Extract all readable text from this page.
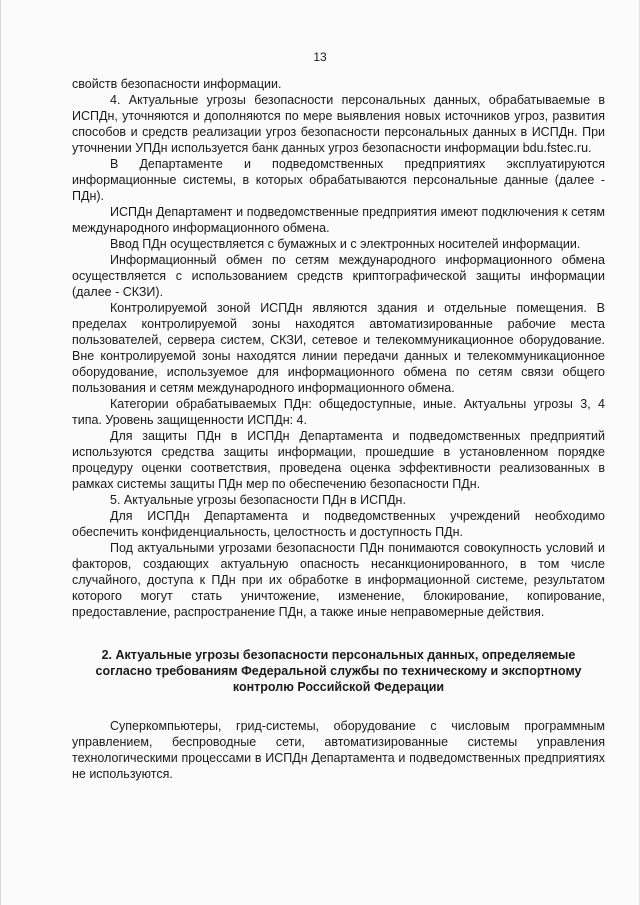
13

свойств безопасности информации.

4. Актуальные угрозы безопасности персональных данных, обрабатываемые в ИСПДн, уточняются и дополняются по мере выявления новых источников угроз, развития способов и средств реализации угроз безопасности персональных данных в ИСПДн. При уточнении УПДн используется банк данных угроз безопасности информации bdu.fstec.ru.

В Департаменте и подведомственных предприятиях эксплуатируются информационные системы, в которых обрабатываются персональные данные (далее - ПДн).

ИСПДн Департамент и подведомственные предприятия имеют подключения к сетям международного информационного обмена.

Ввод ПДн осуществляется с бумажных и с электронных носителей информации.

Информационный обмен по сетям международного информационного обмена осуществляется с использованием средств криптографической защиты информации (далее - СКЗИ).

Контролируемой зоной ИСПДн являются здания и отдельные помещения. В пределах контролируемой зоны находятся автоматизированные рабочие места пользователей, сервера систем, СКЗИ, сетевое и телекоммуникационное оборудование. Вне контролируемой зоны находятся линии передачи данных и телекоммуникационное оборудование, используемое для информационного обмена по сетям связи общего пользования и сетям международного информационного обмена.

Категории обрабатываемых ПДн: общедоступные, иные. Актуальны угрозы 3, 4 типа. Уровень защищенности ИСПДн: 4.

Для защиты ПДн в ИСПДн Департамента и подведомственных предприятий используются средства защиты информации, прошедшие в установленном порядке процедуру оценки соответствия, проведена оценка эффективности реализованных в рамках системы защиты ПДн мер по обеспечению безопасности ПДн.

5. Актуальные угрозы безопасности ПДн в ИСПДн.

Для ИСПДн Департамента и подведомственных учреждений необходимо обеспечить конфиденциальность, целостность и доступность ПДн.

Под актуальными угрозами безопасности ПДн понимаются совокупность условий и факторов, создающих актуальную опасность несанкционированного, в том числе случайного, доступа к ПДн при их обработке в информационной системе, результатом которого могут стать уничтожение, изменение, блокирование, копирование, предоставление, распространение ПДн, а также иные неправомерные действия.

2. Актуальные угрозы безопасности персональных данных, определяемые согласно требованиям Федеральной службы по техническому и экспортному контролю Российской Федерации

Суперкомпьютеры, грид-системы, оборудование с числовым программным управлением, беспроводные сети, автоматизированные системы управления технологическими процессами в ИСПДн Департамента и подведомственных предприятиях не используются.
